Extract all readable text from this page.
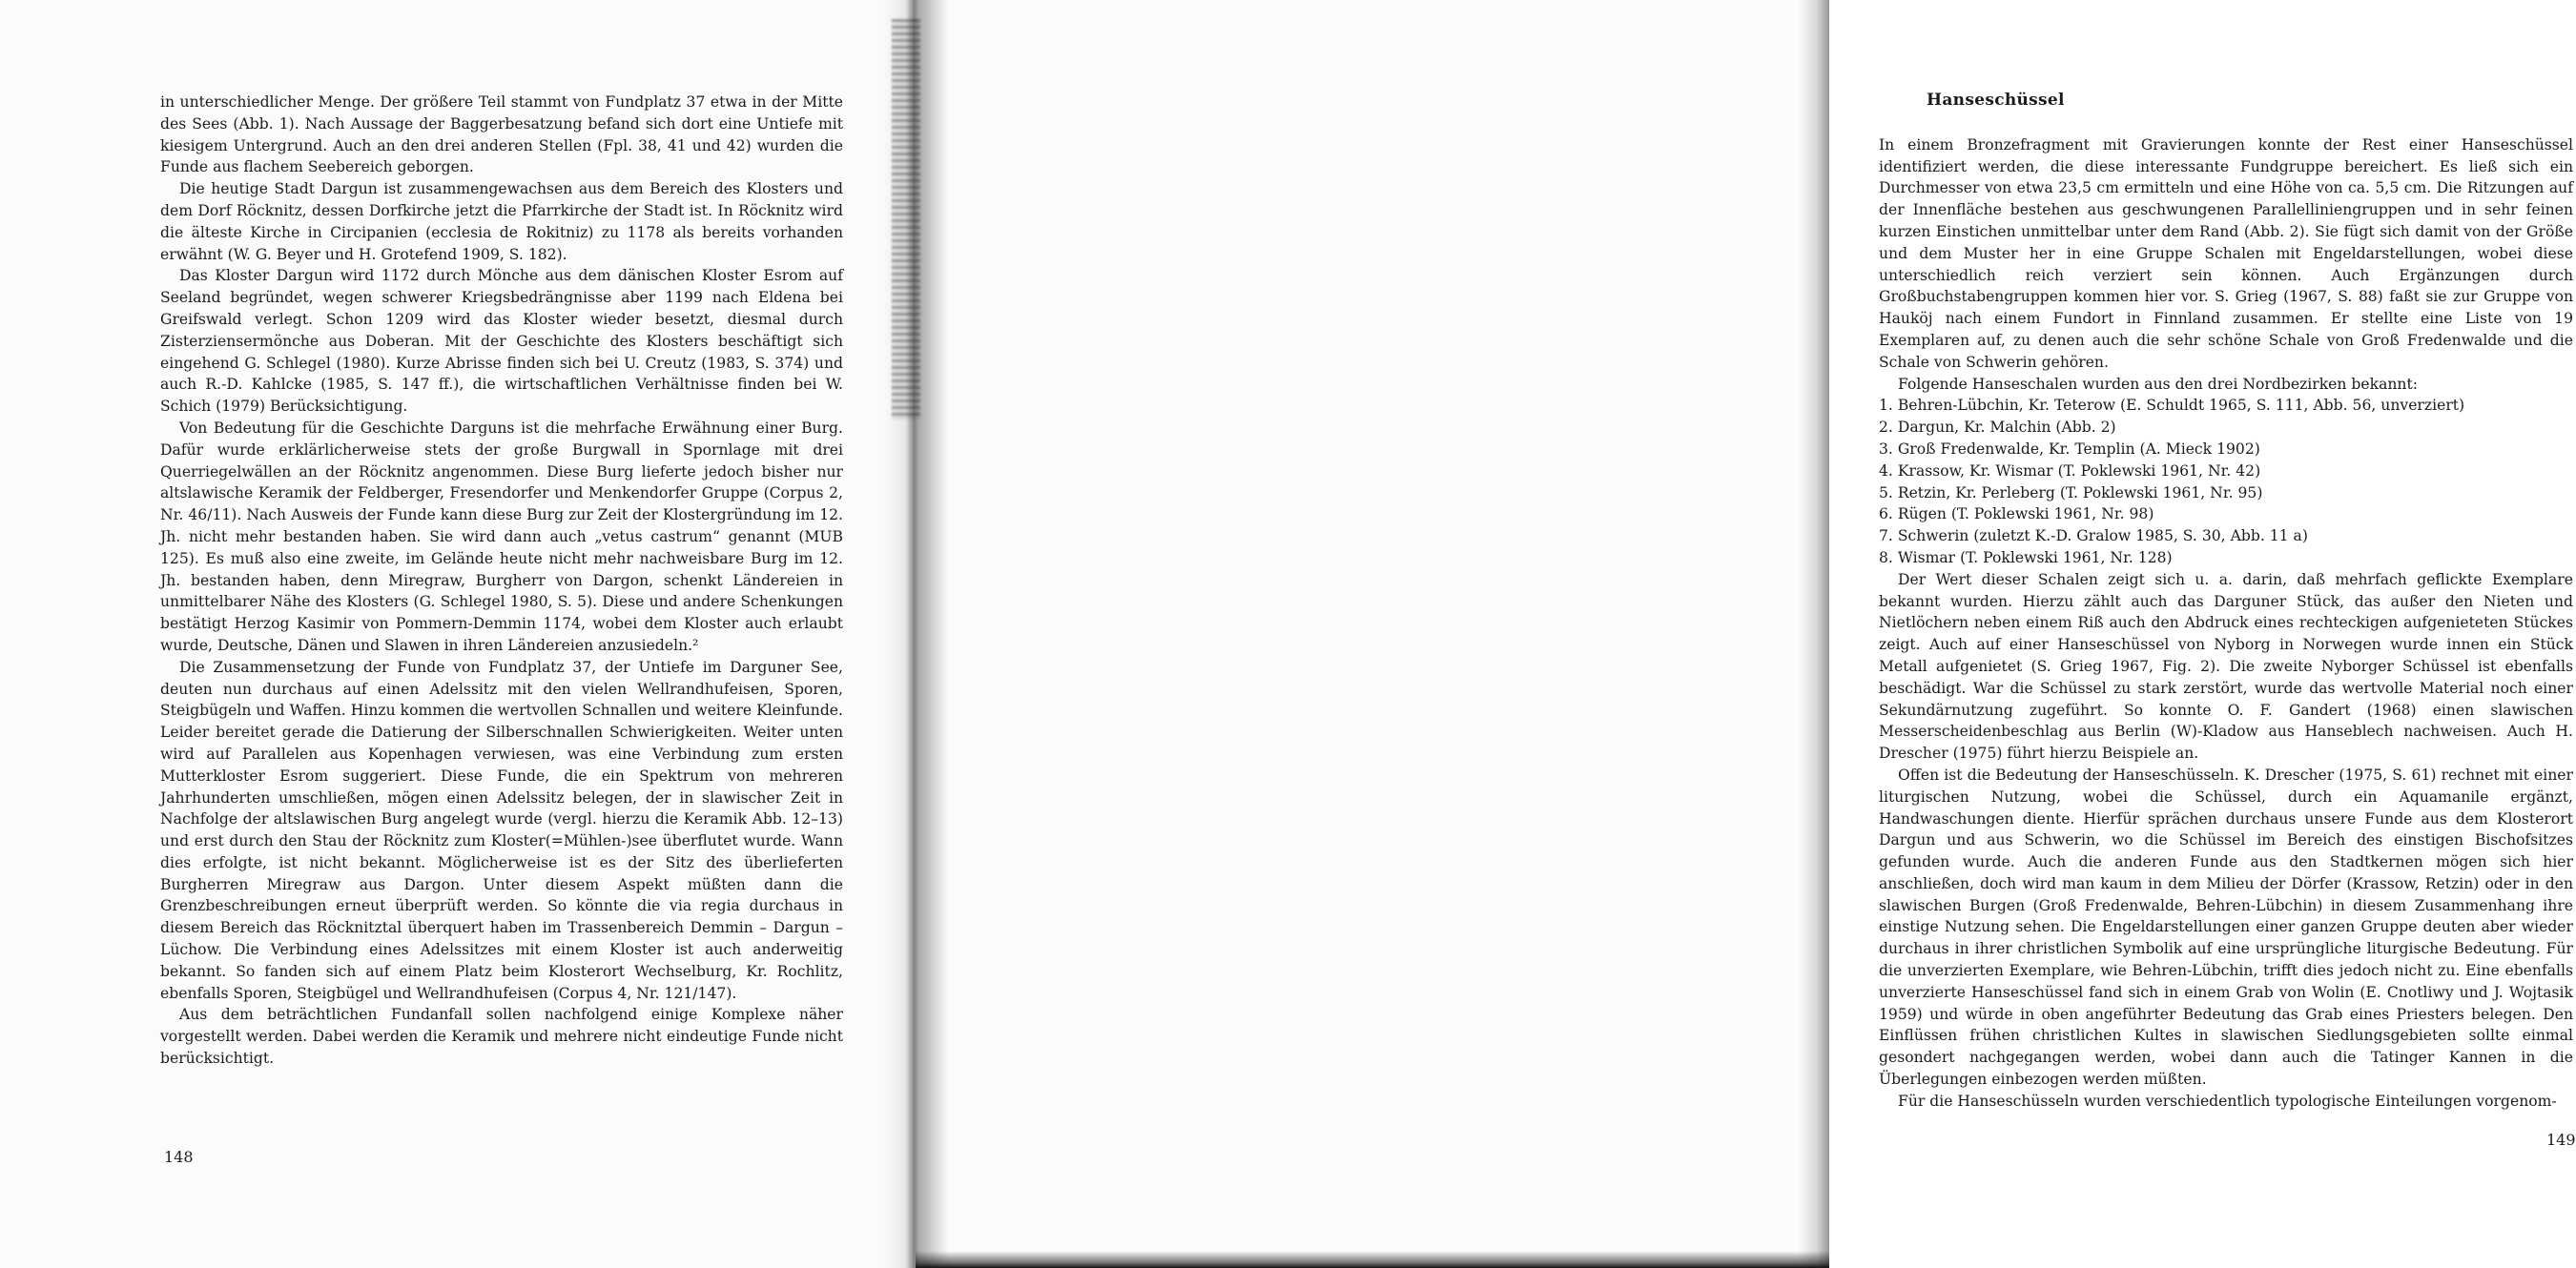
in unterschiedlicher Menge. Der größere Teil stammt von Fundplatz 37 etwa in der Mitte des Sees (Abb. 1). Nach Aussage der Baggerbesatzung befand sich dort eine Untiefe mit kiesigem Untergrund. Auch an den drei anderen Stellen (Fpl. 38, 41 und 42) wurden die Funde aus flachem Seebereich geborgen.

Die heutige Stadt Dargun ist zusammengewachsen aus dem Bereich des Klosters und dem Dorf Röcknitz, dessen Dorfkirche jetzt die Pfarrkirche der Stadt ist. In Röcknitz wird die älteste Kirche in Circipanien (ecclesia de Rokitniz) zu 1178 als bereits vorhanden erwähnt (W. G. Beyer und H. Grotefend 1909, S. 182).

Das Kloster Dargun wird 1172 durch Mönche aus dem dänischen Kloster Esrom auf Seeland begründet, wegen schwerer Kriegsbedrängnisse aber 1199 nach Eldena bei Greifswald verlegt. Schon 1209 wird das Kloster wieder besetzt, diesmal durch Zisterziensermönche aus Doberan. Mit der Geschichte des Klosters beschäftigt sich eingehend G. Schlegel (1980). Kurze Abrisse finden sich bei U. Creutz (1983, S. 374) und auch R.-D. Kahlcke (1985, S. 147 ff.), die wirtschaftlichen Verhältnisse finden bei W. Schich (1979) Berücksichtigung.

Von Bedeutung für die Geschichte Darguns ist die mehrfache Erwähnung einer Burg. Dafür wurde erklärlicherweise stets der große Burgwall in Spornlage mit drei Querriegelwällen an der Röcknitz angenommen. Diese Burg lieferte jedoch bisher nur altslawische Keramik der Feldberger, Fresendorfer und Menkendorfer Gruppe (Corpus 2, Nr. 46/11). Nach Ausweis der Funde kann diese Burg zur Zeit der Klostergründung im 12. Jh. nicht mehr bestanden haben. Sie wird dann auch „vetus castrum“ genannt (MUB 125). Es muß also eine zweite, im Gelände heute nicht mehr nachweisbare Burg im 12. Jh. bestanden haben, denn Miregraw, Burgherr von Dargon, schenkt Ländereien in unmittelbarer Nähe des Klosters (G. Schlegel 1980, S. 5). Diese und andere Schenkungen bestätigt Herzog Kasimir von Pommern-Demmin 1174, wobei dem Kloster auch erlaubt wurde, Deutsche, Dänen und Slawen in ihren Ländereien anzusiedeln.²

Die Zusammensetzung der Funde von Fundplatz 37, der Untiefe im Darguner See, deuten nun durchaus auf einen Adelssitz mit den vielen Wellrandhufeisen, Sporen, Steigbügeln und Waffen. Hinzu kommen die wertvollen Schnallen und weitere Kleinfunde. Leider bereitet gerade die Datierung der Silberschnallen Schwierigkeiten. Weiter unten wird auf Parallelen aus Kopenhagen verwiesen, was eine Verbindung zum ersten Mutterkloster Esrom suggeriert. Diese Funde, die ein Spektrum von mehreren Jahrhunderten umschließen, mögen einen Adelssitz belegen, der in slawischer Zeit in Nachfolge der altslawischen Burg angelegt wurde (vergl. hierzu die Keramik Abb. 12–13) und erst durch den Stau der Röcknitz zum Kloster(=Mühlen-)see überflutet wurde. Wann dies erfolgte, ist nicht bekannt. Möglicherweise ist es der Sitz des überlieferten Burgherren Miregraw aus Dargon. Unter diesem Aspekt müßten dann die Grenzbeschreibungen erneut überprüft werden. So könnte die via regia durchaus in diesem Bereich das Röcknitztal überquert haben im Trassenbereich Demmin – Dargun – Lüchow. Die Verbindung eines Adelssitzes mit einem Kloster ist auch anderweitig bekannt. So fanden sich auf einem Platz beim Klosterort Wechselburg, Kr. Rochlitz, ebenfalls Sporen, Steigbügel und Wellrandhufeisen (Corpus 4, Nr. 121/147).

Aus dem beträchtlichen Fundanfall sollen nachfolgend einige Komplexe näher vorgestellt werden. Dabei werden die Keramik und mehrere nicht eindeutige Funde nicht berücksichtigt.

148
Hanseschüssel

In einem Bronzefragment mit Gravierungen konnte der Rest einer Hanseschüssel identifiziert werden, die diese interessante Fundgruppe bereichert. Es ließ sich ein Durchmesser von etwa 23,5 cm ermitteln und eine Höhe von ca. 5,5 cm. Die Ritzungen auf der Innenfläche bestehen aus geschwungenen Parallelliniengruppen und in sehr feinen kurzen Einstichen unmittelbar unter dem Rand (Abb. 2). Sie fügt sich damit von der Größe und dem Muster her in eine Gruppe Schalen mit Engeldarstellungen, wobei diese unterschiedlich reich verziert sein können. Auch Ergänzungen durch Großbuchstabengruppen kommen hier vor. S. Grieg (1967, S. 88) faßt sie zur Gruppe von Hauköj nach einem Fundort in Finnland zusammen. Er stellte eine Liste von 19 Exemplaren auf, zu denen auch die sehr schöne Schale von Groß Fredenwalde und die Schale von Schwerin gehören.

Folgende Hanseschalen wurden aus den drei Nordbezirken bekannt:

1. Behren-Lübchin, Kr. Teterow (E. Schuldt 1965, S. 111, Abb. 56, unverziert)
2. Dargun, Kr. Malchin (Abb. 2)
3. Groß Fredenwalde, Kr. Templin (A. Mieck 1902)
4. Krassow, Kr. Wismar (T. Poklewski 1961, Nr. 42)
5. Retzin, Kr. Perleberg (T. Poklewski 1961, Nr. 95)
6. Rügen (T. Poklewski 1961, Nr. 98)
7. Schwerin (zuletzt K.-D. Gralow 1985, S. 30, Abb. 11 a)
8. Wismar (T. Poklewski 1961, Nr. 128)

Der Wert dieser Schalen zeigt sich u. a. darin, daß mehrfach geflickte Exemplare bekannt wurden. Hierzu zählt auch das Darguner Stück, das außer den Nieten und Nietlöchern neben einem Riß auch den Abdruck eines rechteckigen aufgenieteten Stückes zeigt. Auch auf einer Hanseschüssel von Nyborg in Norwegen wurde innen ein Stück Metall aufgenietet (S. Grieg 1967, Fig. 2). Die zweite Nyborger Schüssel ist ebenfalls beschädigt. War die Schüssel zu stark zerstört, wurde das wertvolle Material noch einer Sekundärnutzung zugeführt. So konnte O. F. Gandert (1968) einen slawischen Messerscheidenbeschlag aus Berlin (W)-Kladow aus Hanseblech nachweisen. Auch H. Drescher (1975) führt hierzu Beispiele an.

Offen ist die Bedeutung der Hanseschüsseln. K. Drescher (1975, S. 61) rechnet mit einer liturgischen Nutzung, wobei die Schüssel, durch ein Aquamanile ergänzt, Handwaschungen diente. Hierfür sprächen durchaus unsere Funde aus dem Klosterort Dargun und aus Schwerin, wo die Schüssel im Bereich des einstigen Bischofsitzes gefunden wurde. Auch die anderen Funde aus den Stadtkernen mögen sich hier anschließen, doch wird man kaum in dem Milieu der Dörfer (Krassow, Retzin) oder in den slawischen Burgen (Groß Fredenwalde, Behren-Lübchin) in diesem Zusammenhang ihre einstige Nutzung sehen. Die Engeldarstellungen einer ganzen Gruppe deuten aber wieder durchaus in ihrer christlichen Symbolik auf eine ursprüngliche liturgische Bedeutung. Für die unverzierten Exemplare, wie Behren-Lübchin, trifft dies jedoch nicht zu. Eine ebenfalls unverzierte Hanseschüssel fand sich in einem Grab von Wolin (E. Cnotliwy und J. Wojtasik 1959) und würde in oben angeführter Bedeutung das Grab eines Priesters belegen. Den Einflüssen frühen christlichen Kultes in slawischen Siedlungsgebieten sollte einmal gesondert nachgegangen werden, wobei dann auch die Tatinger Kannen in die Überlegungen einbezogen werden müßten.

Für die Hanseschüsseln wurden verschiedentlich typologische Einteilungen vorgenom-

149
